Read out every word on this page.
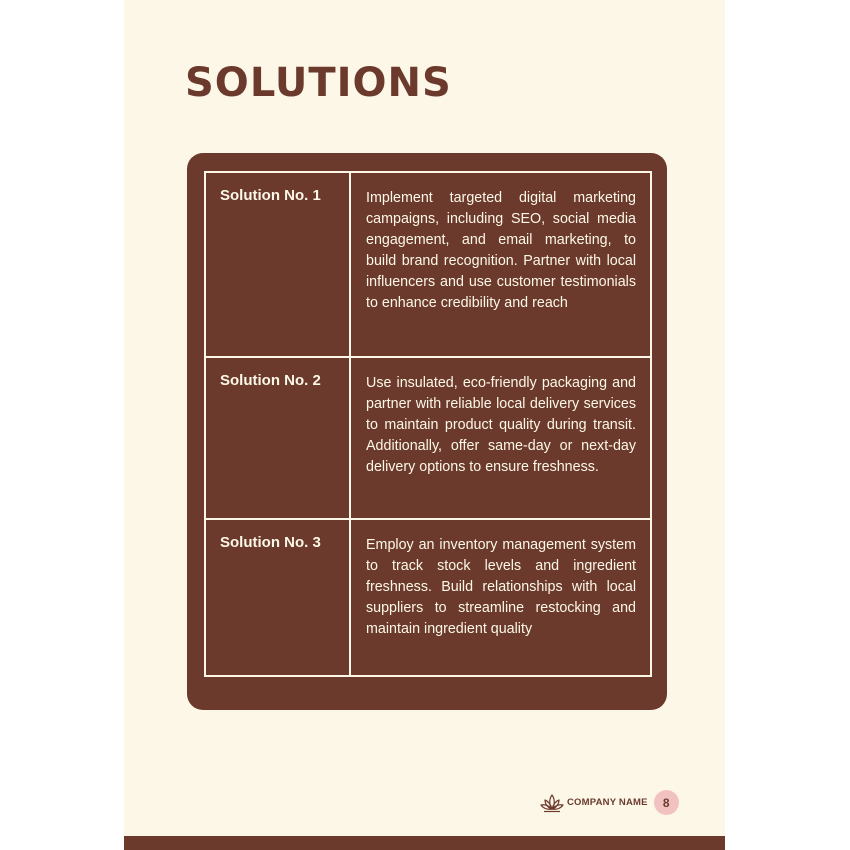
SOLUTIONS
Solution No. 1	Implement targeted digital marketing campaigns, including SEO, social media engagement, and email marketing, to build brand recognition. Partner with local influencers and use customer testimonials to enhance credibility and reach
Solution No. 2	Use insulated, eco-friendly packaging and partner with reliable local delivery services to maintain product quality during transit. Additionally, offer same-day or next-day delivery options to ensure freshness.
Solution No. 3	Employ an inventory management system to track stock levels and ingredient freshness. Build relationships with local suppliers to streamline restocking and maintain ingredient quality
COMPANY NAME	8
